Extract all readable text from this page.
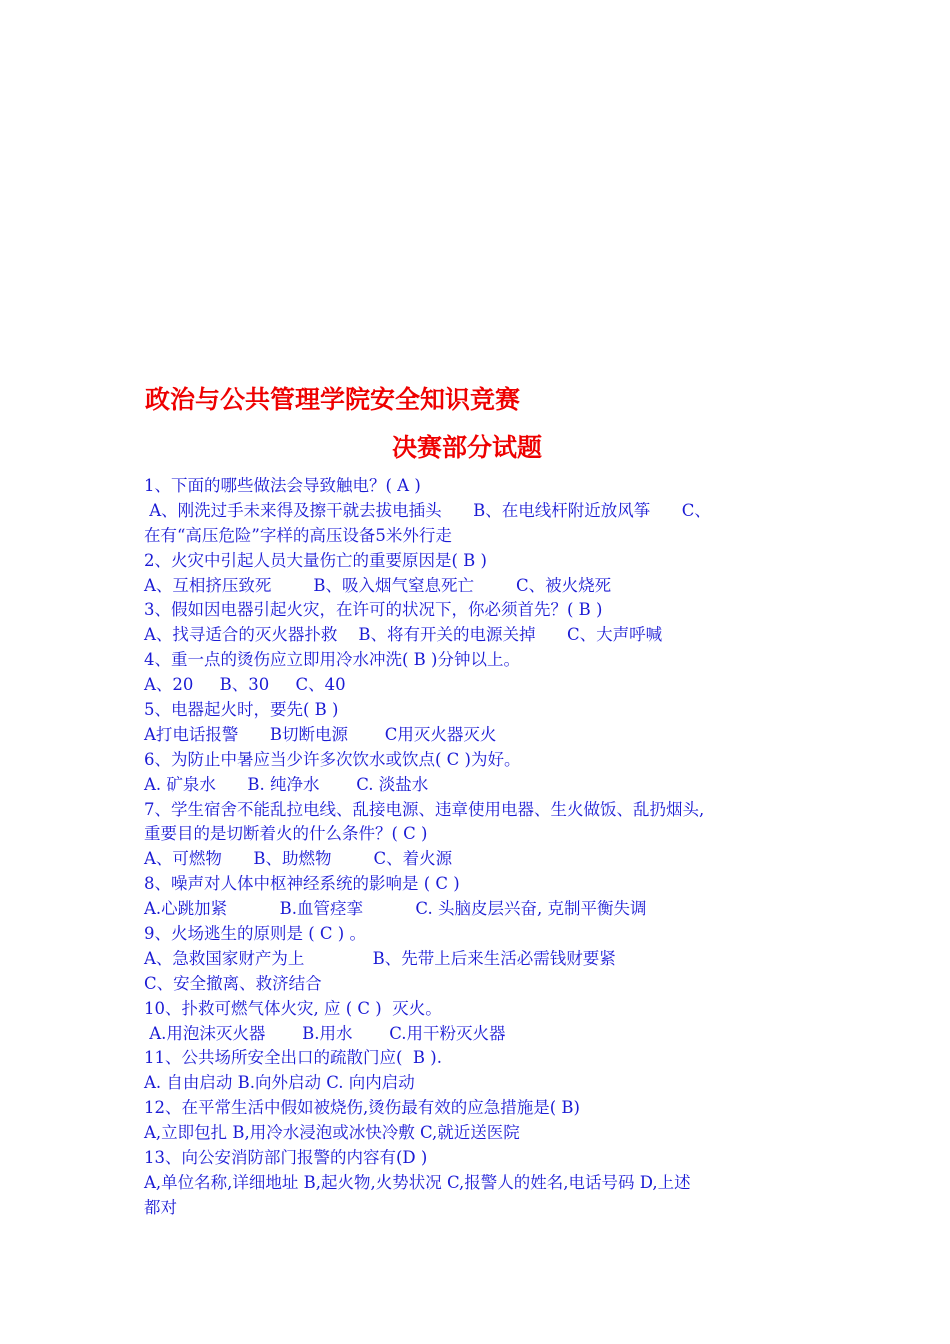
政治与公共管理学院安全知识竞赛
决赛部分试题
1、下面的哪些做法会导致触电？( A )
A、刚洗过手未来得及擦干就去拔电插头      B、在电线杆附近放风筝      C、
在有“高压危险”字样的高压设备5米外行走
2、火灾中引起人员大量伤亡的重要原因是( B )
A、互相挤压致死        B、吸入烟气窒息死亡        C、被火烧死
3、假如因电器引起火灾，在许可的状况下，你必须首先？( B )
A、找寻适合的灭火器扑救    B、将有开关的电源关掉      C、大声呼喊
4、重一点的烫伤应立即用冷水冲洗( B )分钟以上。
A、20     B、30     C、40
5、电器起火时，要先( B )
A打电话报警      B切断电源       C用灭火器灭火
6、为防止中暑应当少许多次饮水或饮点( C )为好。
A. 矿泉水      B. 纯净水       C. 淡盐水
7、学生宿舍不能乱拉电线、乱接电源、违章使用电器、生火做饭、乱扔烟头,
重要目的是切断着火的什么条件？( C )
A、可燃物      B、助燃物        C、着火源
8、噪声对人体中枢神经系统的影响是 ( C )
A.心跳加紧          B.血管痉挛          C. 头脑皮层兴奋, 克制平衡失调
9、火场逃生的原则是 ( C ) 。
A、急救国家财产为上             B、先带上后来生活必需钱财要紧
C、安全撤离、救济结合
10、扑救可燃气体火灾, 应 ( C )  灭火。
A.用泡沫灭火器       B.用水       C.用干粉灭火器
11、公共场所安全出口的疏散门应(  B ).
A. 自由启动 B.向外启动 C. 向内启动
12、在平常生活中假如被烧伤,烫伤最有效的应急措施是( B)
A,立即包扎 B,用冷水浸泡或冰快冷敷 C,就近送医院
13、向公安消防部门报警的内容有(D )
A,单位名称,详细地址 B,起火物,火势状况 C,报警人的姓名,电话号码 D,上述
都对
